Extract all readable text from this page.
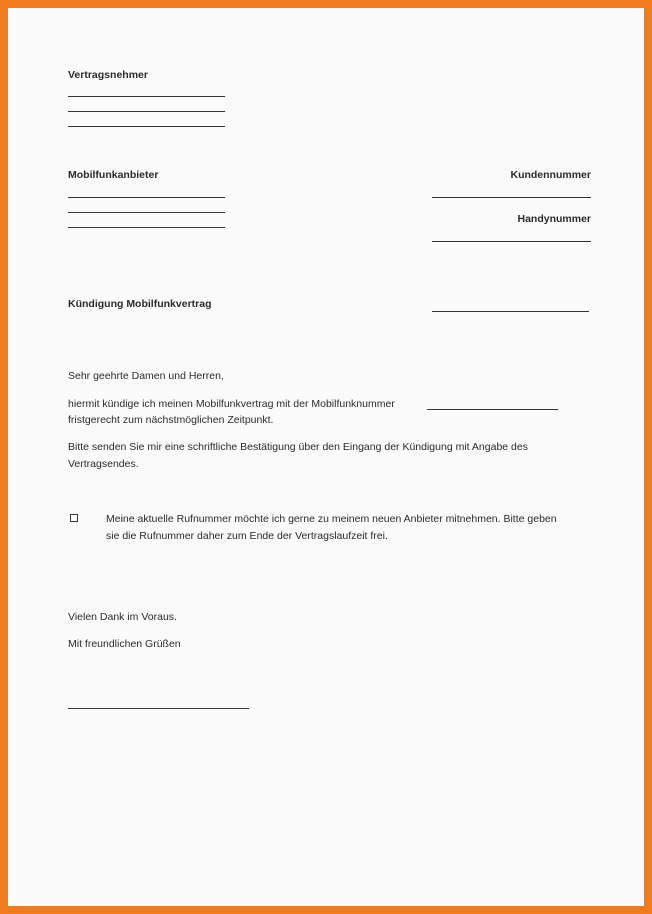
Vertragsnehmer
Mobilfunkanbieter	Kundennummer
Handynummer
Kündigung Mobilfunkvertrag
Sehr geehrte Damen und Herren,
hiermit kündige ich meinen Mobilfunkvertrag mit der Mobilfunknummer
fristgerecht zum nächstmöglichen Zeitpunkt.
Bitte senden Sie mir eine schriftliche Bestätigung über den Eingang der Kündigung mit Angabe des
Vertragsendes.
Meine aktuelle Rufnummer möchte ich gerne zu meinem neuen Anbieter mitnehmen. Bitte geben
sie die Rufnummer daher zum Ende der Vertragslaufzeit frei.
Vielen Dank im Voraus.
Mit freundlichen Grüßen
